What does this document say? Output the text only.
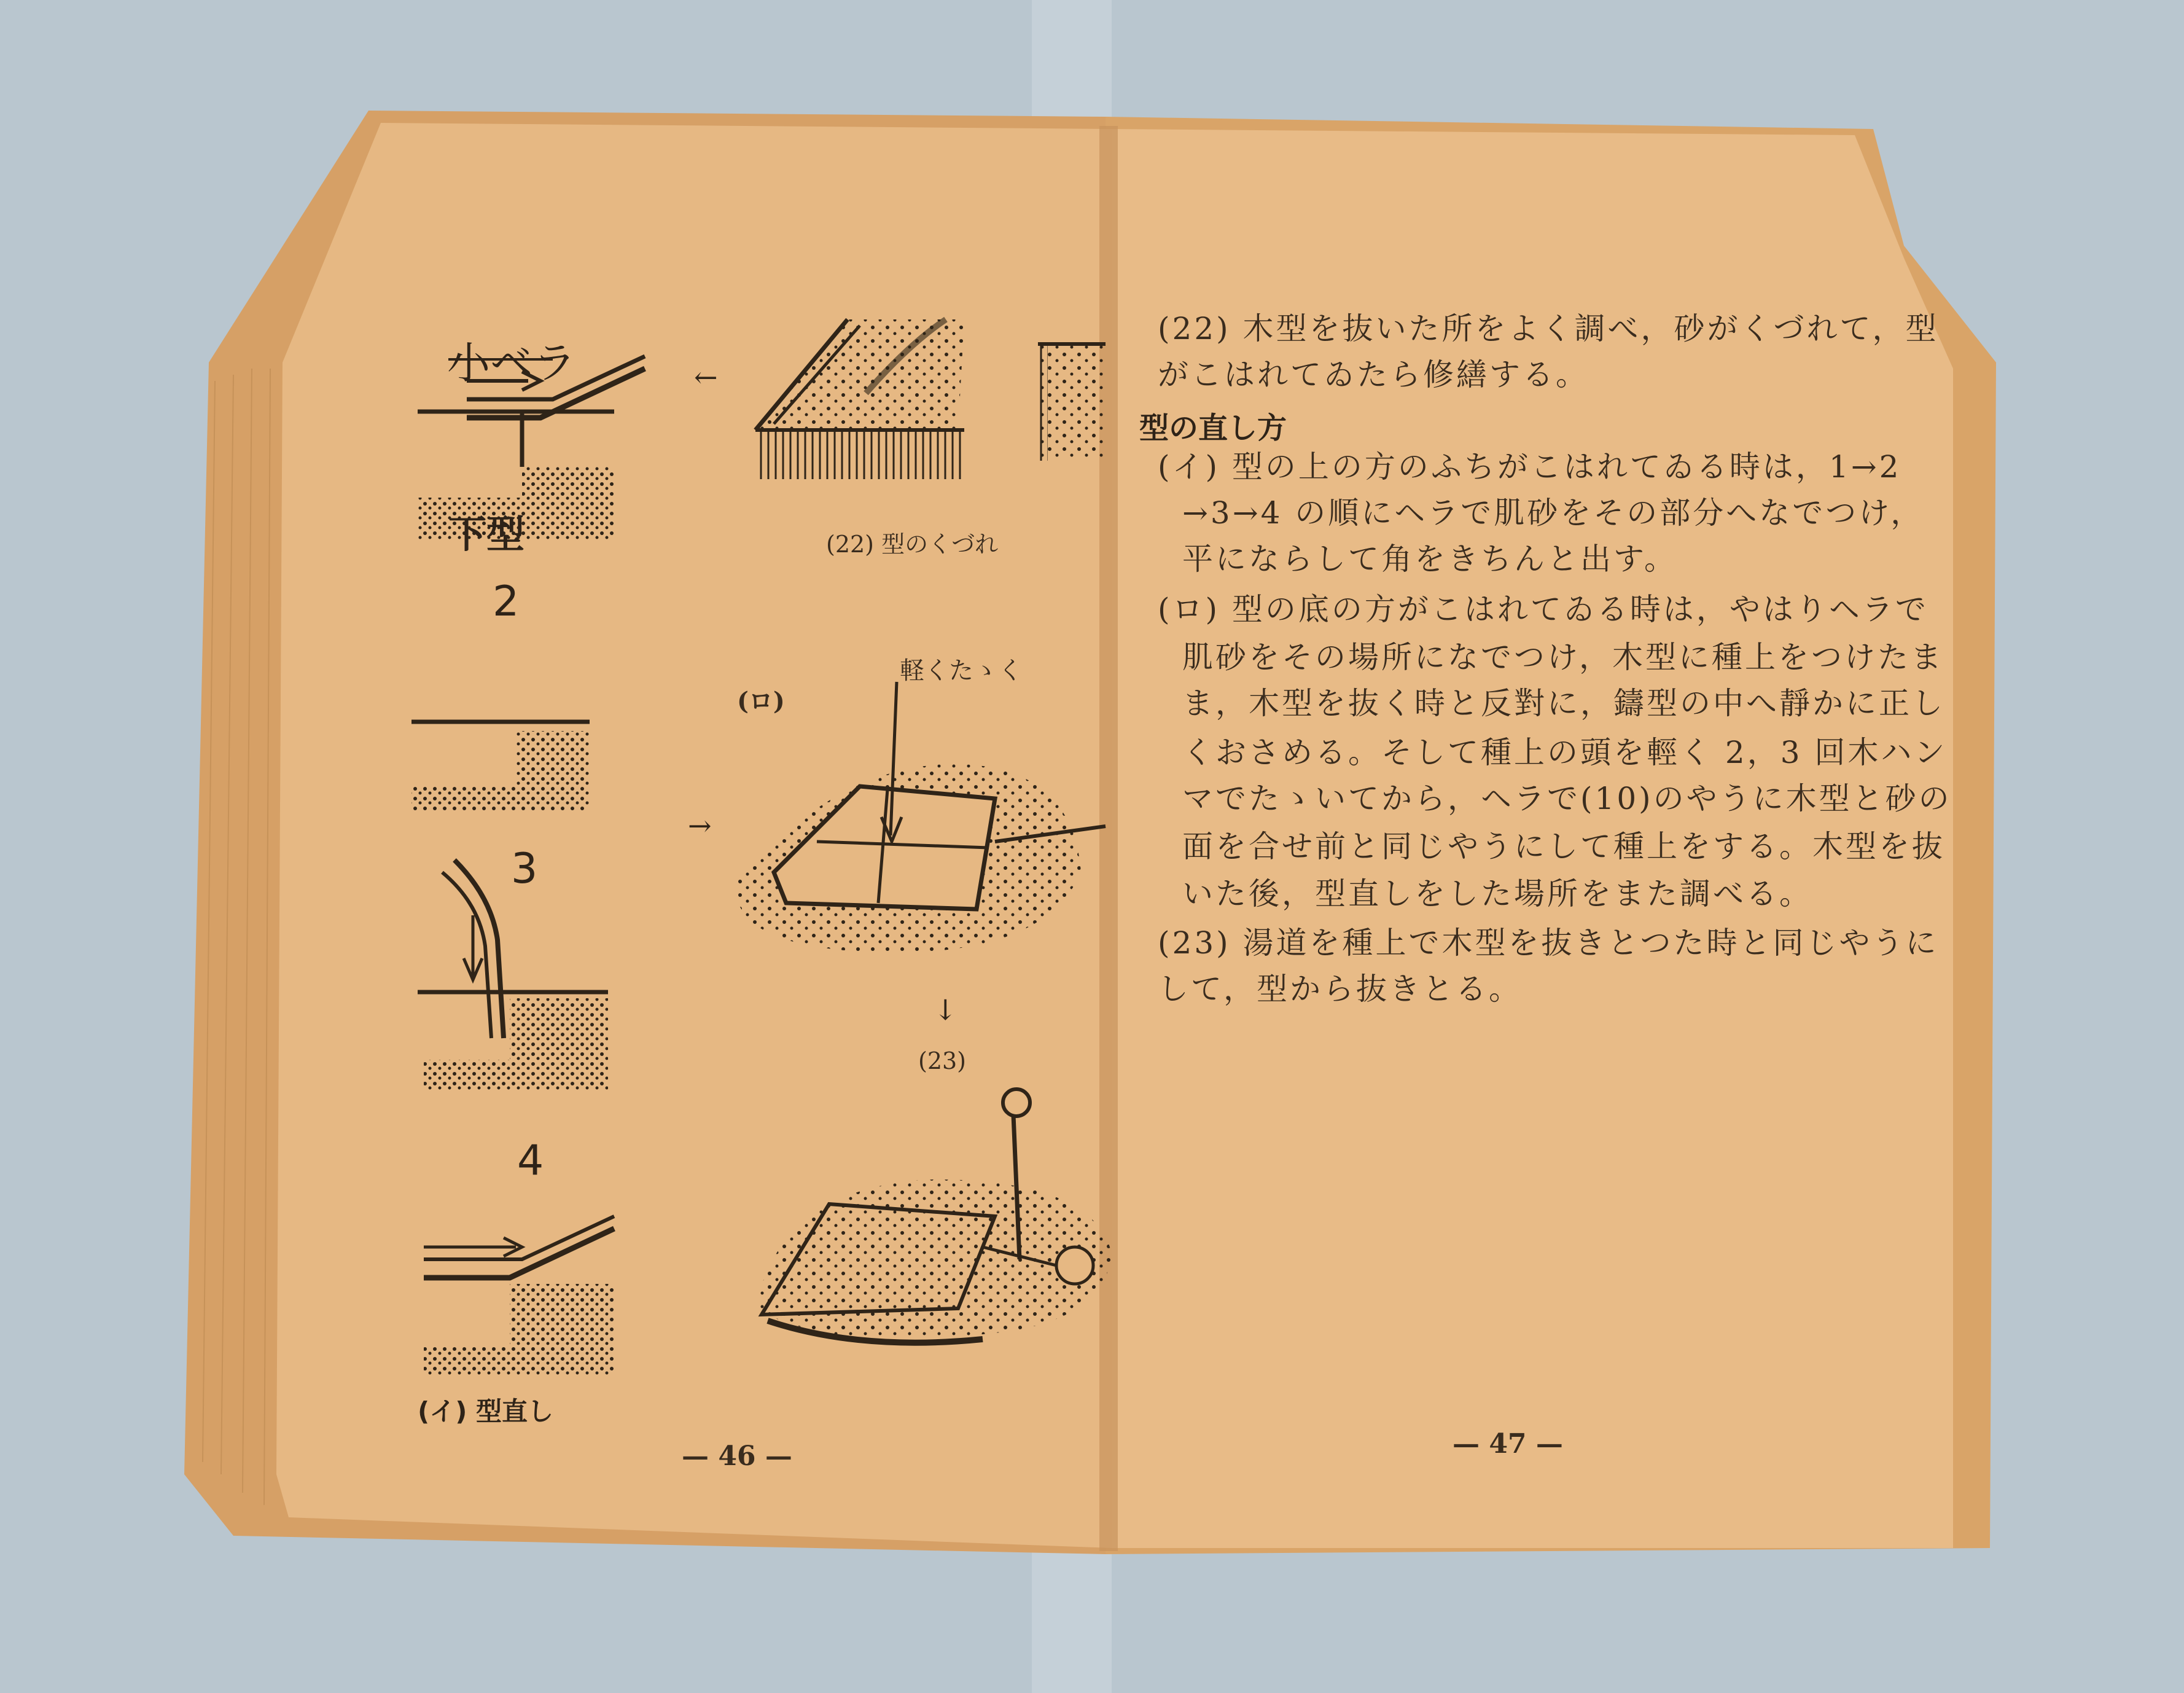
←
→
↓
小ベラ
下型
2
3
4
(イ) 型直し
(22) 型のくづれ
(ロ)
軽くたゝく
(23)
— 46 —
(22) 木型を抜いた所をよく調べ，砂がくづれて，型
がこはれてゐたら修繕する。
型の直し方
(イ) 型の上の方のふちがこはれてゐる時は，1→2
→3→4 の順にヘラで肌砂をその部分へなでつけ，
平にならして角をきちんと出す。
(ロ) 型の底の方がこはれてゐる時は，やはりヘラで
肌砂をその場所になでつけ，木型に種上をつけたま
ま，木型を抜く時と反對に，鑄型の中へ靜かに正し
くおさめる。そして種上の頭を輕く 2，3 回木ハン
マでたゝいてから，ヘラで(10)のやうに木型と砂の
面を合せ前と同じやうにして種上をする。木型を抜
いた後，型直しをした場所をまた調べる。
(23) 湯道を種上で木型を抜きとつた時と同じやうに
して，型から抜きとる。
— 47 —
